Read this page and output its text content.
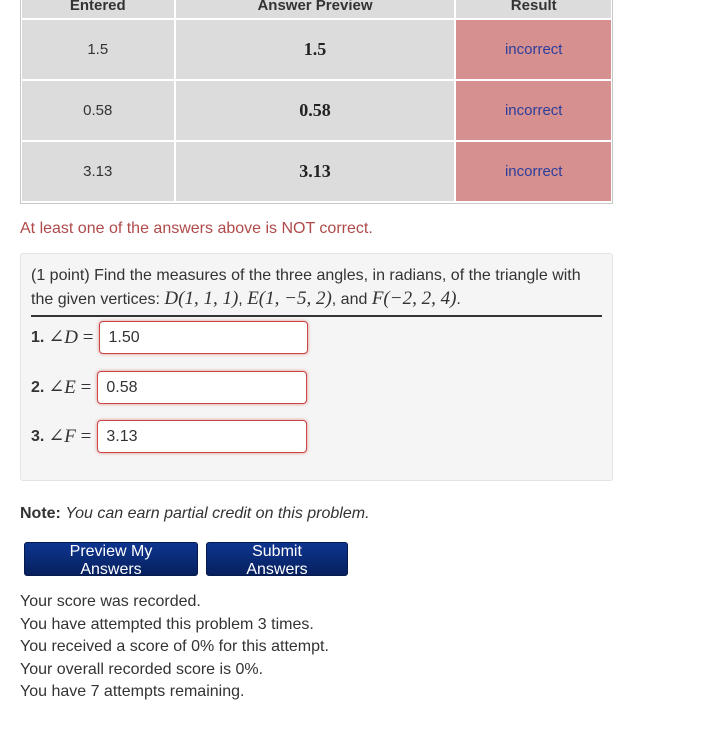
Entered	Answer Preview	Result
1.5	1.5	incorrect
0.58	0.58	incorrect
3.13	3.13	incorrect
At least one of the answers above is NOT correct.
(1 point) Find the measures of the three angles, in radians, of the triangle with the given vertices: D(1, 1, 1), E(1, −5, 2), and F(−2, 2, 4).
1. ∠D =
1.50
2. ∠E =
0.58
3. ∠F =
3.13
Note: You can earn partial credit on this problem.
Preview My Answers
Submit Answers
Your score was recorded.
You have attempted this problem 3 times.
You received a score of 0% for this attempt.
Your overall recorded score is 0%.
You have 7 attempts remaining.
